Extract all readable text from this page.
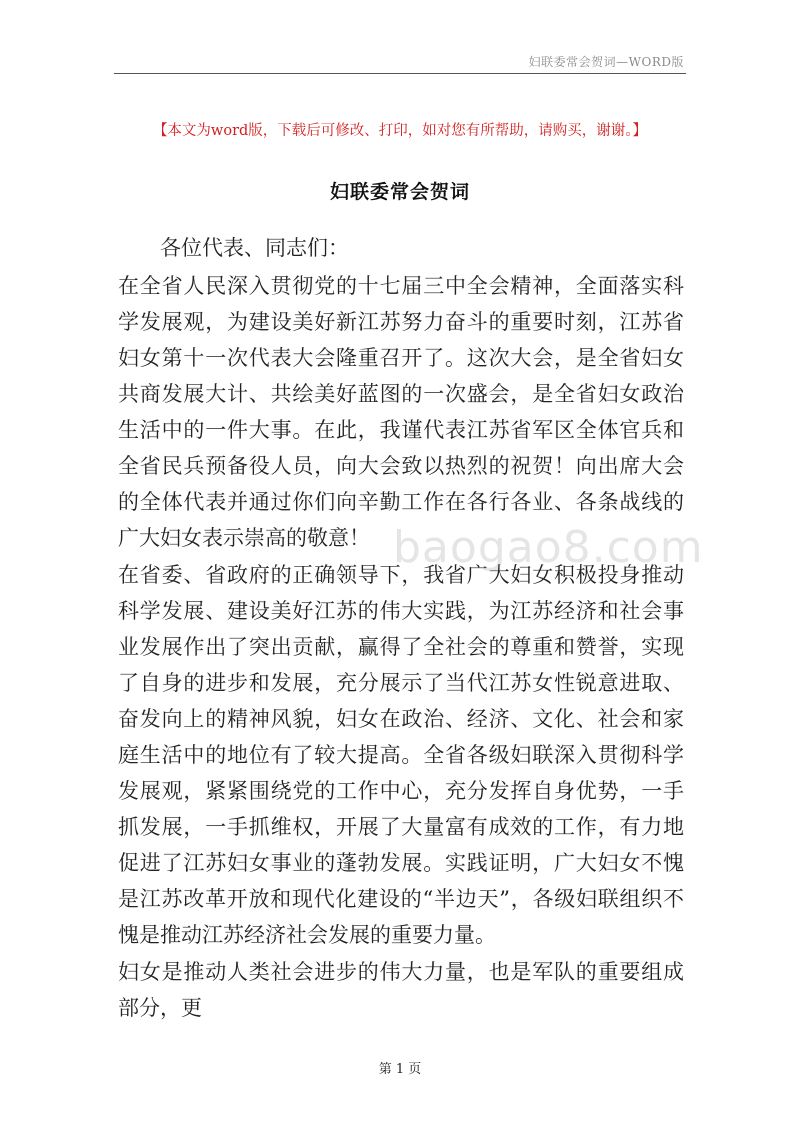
妇联委常会贺词—WORD版
【本文为word版，下载后可修改、打印，如对您有所帮助，请购买，谢谢。】
妇联委常会贺词

各位代表、同志们：

在全省人民深入贯彻党的十七届三中全会精神，全面落实科学发展观，为建设美好新江苏努力奋斗的重要时刻，江苏省妇女第十一次代表大会隆重召开了。这次大会，是全省妇女共商发展大计、共绘美好蓝图的一次盛会，是全省妇女政治生活中的一件大事。在此，我谨代表江苏省军区全体官兵和全省民兵预备役人员，向大会致以热烈的祝贺！向出席大会的全体代表并通过你们向辛勤工作在各行各业、各条战线的广大妇女表示崇高的敬意！

在省委、省政府的正确领导下，我省广大妇女积极投身推动科学发展、建设美好江苏的伟大实践，为江苏经济和社会事业发展作出了突出贡献，赢得了全社会的尊重和赞誉，实现了自身的进步和发展，充分展示了当代江苏女性锐意进取、奋发向上的精神风貌，妇女在政治、经济、文化、社会和家庭生活中的地位有了较大提高。全省各级妇联深入贯彻科学发展观，紧紧围绕党的工作中心，充分发挥自身优势，一手抓发展，一手抓维权，开展了大量富有成效的工作，有力地促进了江苏妇女事业的蓬勃发展。实践证明，广大妇女不愧是江苏改革开放和现代化建设的“半边天”，各级妇联组织不愧是推动江苏经济社会发展的重要力量。

妇女是推动人类社会进步的伟大力量，也是军队的重要组成部分，更

baogao8.com
第 1 页
